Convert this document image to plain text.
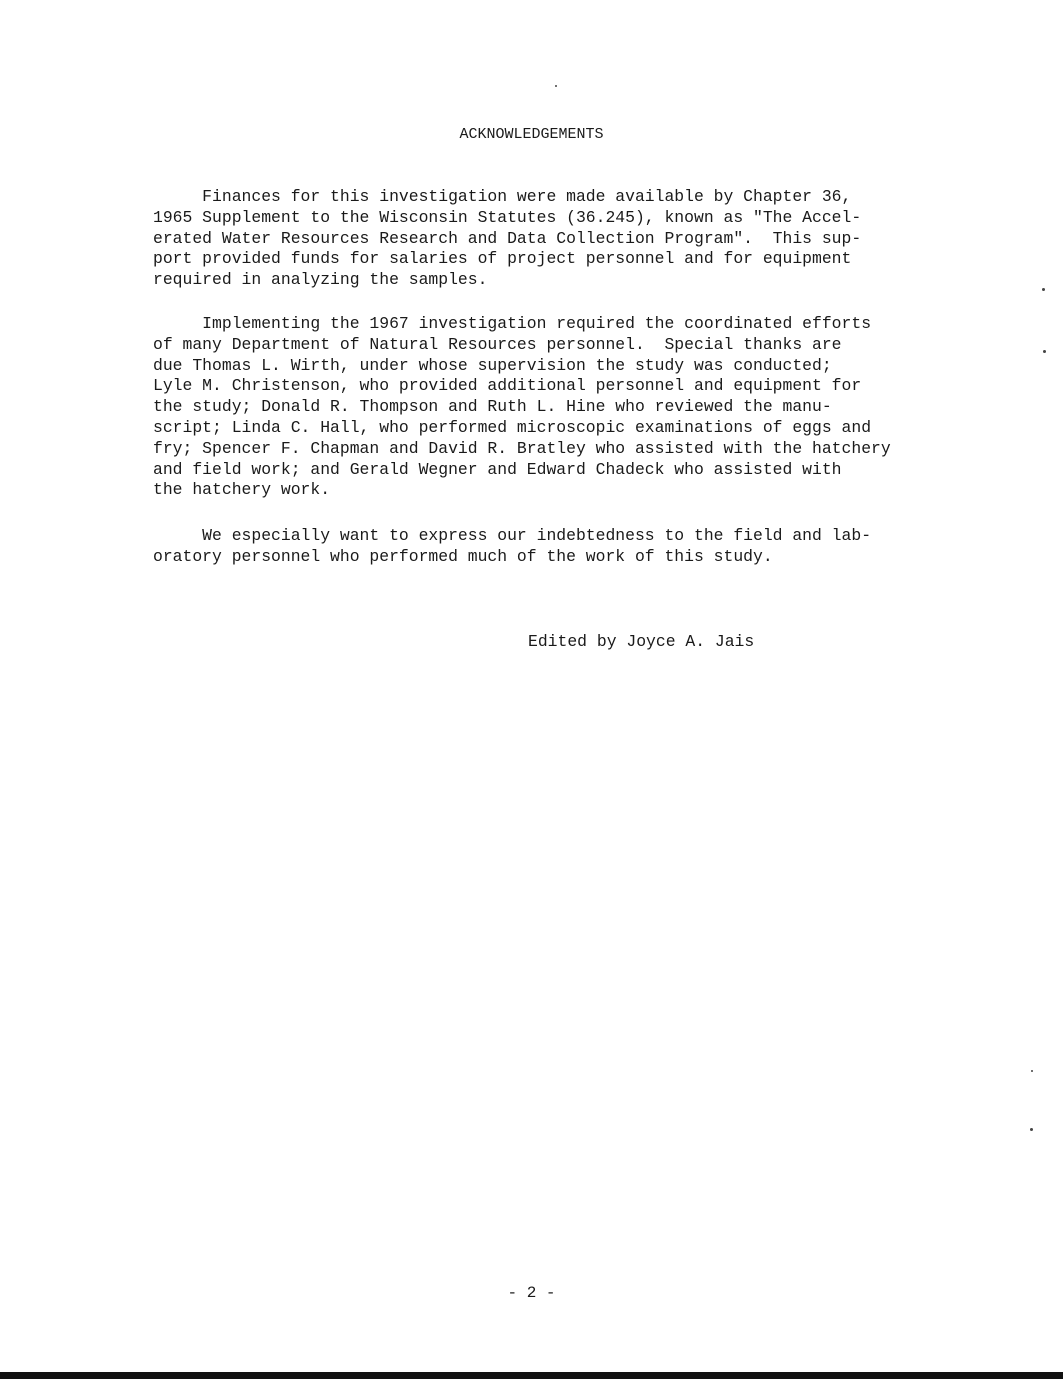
ACKNOWLEDGEMENTS
Finances for this investigation were made available by Chapter 36,
1965 Supplement to the Wisconsin Statutes (36.245), known as "The Accel-
erated Water Resources Research and Data Collection Program".  This sup-
port provided funds for salaries of project personnel and for equipment
required in analyzing the samples.
Implementing the 1967 investigation required the coordinated efforts
of many Department of Natural Resources personnel.  Special thanks are
due Thomas L. Wirth, under whose supervision the study was conducted;
Lyle M. Christenson, who provided additional personnel and equipment for
the study; Donald R. Thompson and Ruth L. Hine who reviewed the manu-
script; Linda C. Hall, who performed microscopic examinations of eggs and
fry; Spencer F. Chapman and David R. Bratley who assisted with the hatchery
and field work; and Gerald Wegner and Edward Chadeck who assisted with
the hatchery work.
We especially want to express our indebtedness to the field and lab-
oratory personnel who performed much of the work of this study.
Edited by Joyce A. Jais
- 2 -
